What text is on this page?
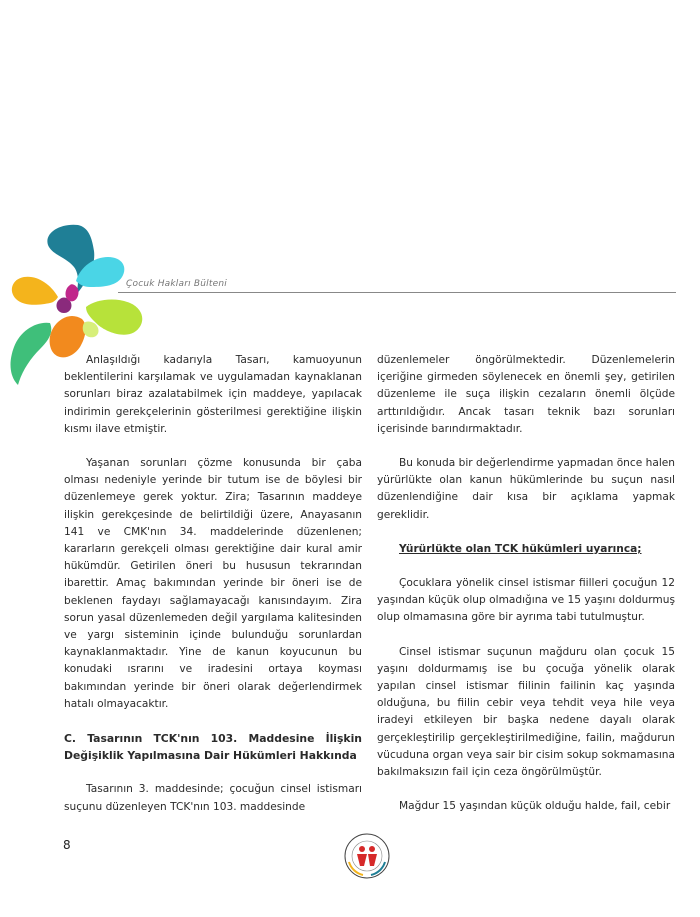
Çocuk Hakları Bülteni

Anlaşıldığı kadarıyla Tasarı, kamuoyunun beklentilerini karşılamak ve uygulamadan kaynaklanan sorunları biraz azalatabilmek için maddeye, yapılacak indirimin gerekçelerinin gösterilmesi gerektiğine ilişkin kısmı ilave etmiştir.

Yaşanan sorunları çözme konusunda bir çaba olması nedeniyle yerinde bir tutum ise de böylesi bir düzenlemeye gerek yoktur. Zira; Tasarının maddeye ilişkin gerekçesinde de belirtildiği üzere, Anayasanın 141 ve CMK'nın 34. maddelerinde düzenlenen; kararların gerekçeli olması gerektiğine dair kural amir hükümdür. Getirilen öneri bu hususun tekrarından ibarettir. Amaç bakımından yerinde bir öneri ise de beklenen faydayı sağlamayacağı kanısındayım. Zira sorun yasal düzenlemeden değil yargılama kalitesinden ve yargı sisteminin içinde bulunduğu sorunlardan kaynaklanmaktadır. Yine de kanun koyucunun bu konudaki ısrarını ve iradesini ortaya koyması bakımından yerinde bir öneri olarak değerlendirmek hatalı olmayacaktır.

C. Tasarının TCK'nın 103. Maddesine İlişkin Değişiklik Yapılmasına Dair Hükümleri Hakkında

Tasarının 3. maddesinde; çocuğun cinsel istismarı suçunu düzenleyen TCK'nın 103. maddesinde

düzenlemeler öngörülmektedir. Düzenlemelerin içeriğine girmeden söylenecek en önemli şey, getirilen düzenleme ile suça ilişkin cezaların önemli ölçüde arttırıldığıdır. Ancak tasarı teknik bazı sorunları içerisinde barındırmaktadır.

Bu konuda bir değerlendirme yapmadan önce halen yürürlükte olan kanun hükümlerinde bu suçun nasıl düzenlendiğine dair kısa bir açıklama yapmak gereklidir.

Yürürlükte olan TCK hükümleri uyarınca;

Çocuklara yönelik cinsel istismar fiilleri çocuğun 12 yaşından küçük olup olmadığına ve 15 yaşını doldurmuş olup olmamasına göre bir ayrıma tabi tutulmuştur.

Cinsel istismar suçunun mağduru olan çocuk 15 yaşını doldurmamış ise bu çocuğa yönelik olarak yapılan cinsel istismar fiilinin failinin kaç yaşında olduğuna, bu fiilin cebir veya tehdit veya hile veya iradeyi etkileyen bir başka nedene dayalı olarak gerçekleştirilip gerçekleştirilmediğine, failin, mağdurun vücuduna organ veya sair bir cisim sokup sokmamasına bakılmaksızın fail için ceza öngörülmüştür.

Mağdur 15 yaşından küçük olduğu halde, fail, cebir

8
